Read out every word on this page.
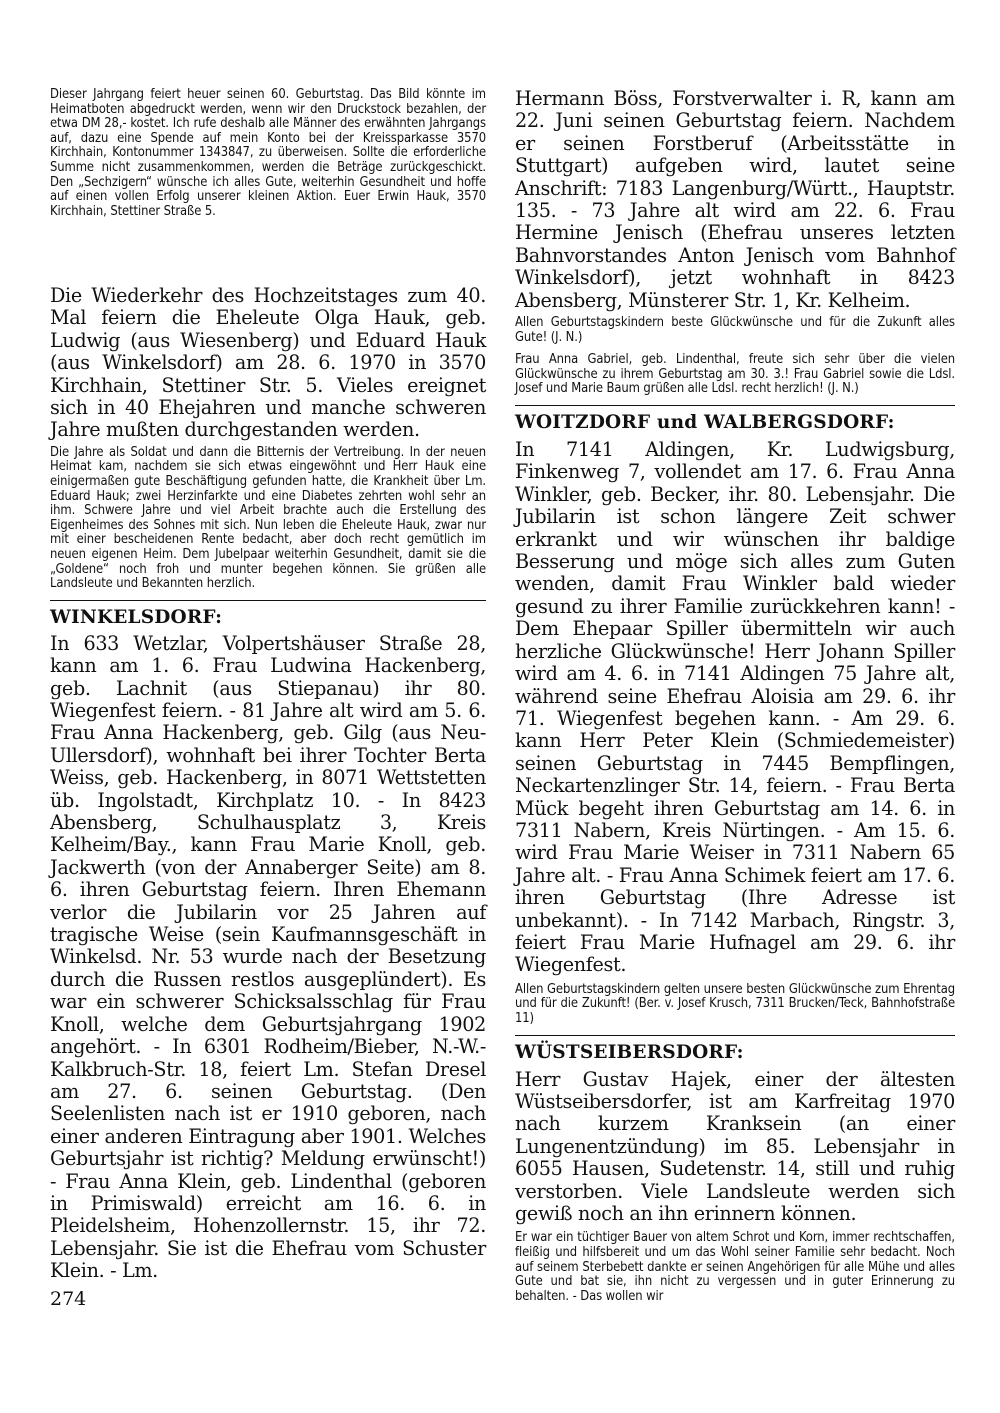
Dieser Jahrgang feiert heuer seinen 60. Geburtstag. Das Bild könnte im Heimatboten abgedruckt werden, wenn wir den Druckstock bezahlen, der etwa DM 28,- kostet. Ich rufe deshalb alle Männer des erwähnten Jahrgangs auf, dazu eine Spende auf mein Konto bei der Kreissparkasse 3570 Kirchhain, Kontonummer 1343847, zu überweisen. Sollte die erforderliche Summe nicht zusammenkommen, werden die Beträge zurückgeschickt. Den „Sechzigern“ wünsche ich alles Gute, weiterhin Gesundheit und hoffe auf einen vollen Erfolg unserer kleinen Aktion. Euer Erwin Hauk, 3570 Kirchhain, Stettiner Straße 5.

Die Wiederkehr des Hochzeitstages zum 40. Mal feiern die Eheleute Olga Hauk, geb. Ludwig (aus Wiesenberg) und Eduard Hauk (aus Winkelsdorf) am 28. 6. 1970 in 3570 Kirchhain, Stettiner Str. 5. Vieles ereignet sich in 40 Ehejahren und manche schweren Jahre mußten durchgestanden werden.

Die Jahre als Soldat und dann die Bitternis der Vertreibung. In der neuen Heimat kam, nachdem sie sich etwas eingewöhnt und Herr Hauk eine einigermaßen gute Beschäftigung gefunden hatte, die Krankheit über Lm. Eduard Hauk; zwei Herzinfarkte und eine Diabetes zehrten wohl sehr an ihm. Schwere Jahre und viel Arbeit brachte auch die Erstellung des Eigenheimes des Sohnes mit sich. Nun leben die Eheleute Hauk, zwar nur mit einer bescheidenen Rente bedacht, aber doch recht gemütlich im neuen eigenen Heim. Dem Jubelpaar weiterhin Gesundheit, damit sie die „Goldene“ noch froh und munter begehen können. Sie grüßen alle Landsleute und Bekannten herzlich.

WINKELSDORF:

In 633 Wetzlar, Volpertshäuser Straße 28, kann am 1. 6. Frau Ludwina Hackenberg, geb. Lachnit (aus Stiepanau) ihr 80. Wiegenfest feiern. - 81 Jahre alt wird am 5. 6. Frau Anna Hackenberg, geb. Gilg (aus Neu-Ullersdorf), wohnhaft bei ihrer Tochter Berta Weiss, geb. Hackenberg, in 8071 Wettstetten üb. Ingolstadt, Kirchplatz 10. - In 8423 Abensberg, Schulhausplatz 3, Kreis Kelheim/Bay., kann Frau Marie Knoll, geb. Jackwerth (von der Annaberger Seite) am 8. 6. ihren Geburtstag feiern. Ihren Ehemann verlor die Jubilarin vor 25 Jahren auf tragische Weise (sein Kaufmannsgeschäft in Winkelsd. Nr. 53 wurde nach der Besetzung durch die Russen restlos ausgeplündert). Es war ein schwerer Schicksalsschlag für Frau Knoll, welche dem Geburtsjahrgang 1902 angehört. - In 6301 Rodheim/Bieber, N.-W.-Kalkbruch-Str. 18, feiert Lm. Stefan Dresel am 27. 6. seinen Geburtstag. (Den Seelenlisten nach ist er 1910 geboren, nach einer anderen Eintragung aber 1901. Welches Geburtsjahr ist richtig? Meldung erwünscht!) - Frau Anna Klein, geb. Lindenthal (geboren in Primiswald) erreicht am 16. 6. in Pleidelsheim, Hohenzollernstr. 15, ihr 72. Lebensjahr. Sie ist die Ehefrau vom Schuster Klein. - Lm.

Hermann Böss, Forstverwalter i. R, kann am 22. Juni seinen Geburtstag feiern. Nachdem er seinen Forstberuf (Arbeitsstätte in Stuttgart) aufgeben wird, lautet seine Anschrift: 7183 Langenburg/Württ., Hauptstr. 135. - 73 Jahre alt wird am 22. 6. Frau Hermine Jenisch (Ehefrau unseres letzten Bahnvorstandes Anton Jenisch vom Bahnhof Winkelsdorf), jetzt wohnhaft in 8423 Abensberg, Münsterer Str. 1, Kr. Kelheim.

Allen Geburtstagskindern beste Glückwünsche und für die Zukunft alles Gute! (J. N.)

Frau Anna Gabriel, geb. Lindenthal, freute sich sehr über die vielen Glückwünsche zu ihrem Geburtstag am 30. 3.! Frau Gabriel sowie die Ldsl. Josef und Marie Baum grüßen alle Ldsl. recht herzlich! (J. N.)

WOITZDORF und WALBERGSDORF:

In 7141 Aldingen, Kr. Ludwigsburg, Finkenweg 7, vollendet am 17. 6. Frau Anna Winkler, geb. Becker, ihr. 80. Lebensjahr. Die Jubilarin ist schon längere Zeit schwer erkrankt und wir wünschen ihr baldige Besserung und möge sich alles zum Guten wenden, damit Frau Winkler bald wieder gesund zu ihrer Familie zurückkehren kann! - Dem Ehepaar Spiller übermitteln wir auch herzliche Glückwünsche! Herr Johann Spiller wird am 4. 6. in 7141 Aldingen 75 Jahre alt, während seine Ehefrau Aloisia am 29. 6. ihr 71. Wiegenfest begehen kann. - Am 29. 6. kann Herr Peter Klein (Schmiedemeister) seinen Geburtstag in 7445 Bempflingen, Neckartenzlinger Str. 14, feiern. - Frau Berta Mück begeht ihren Geburtstag am 14. 6. in 7311 Nabern, Kreis Nürtingen. - Am 15. 6. wird Frau Marie Weiser in 7311 Nabern 65 Jahre alt. - Frau Anna Schimek feiert am 17. 6. ihren Geburtstag (Ihre Adresse ist unbekannt). - In 7142 Marbach, Ringstr. 3, feiert Frau Marie Hufnagel am 29. 6. ihr Wiegenfest.

Allen Geburtstagskindern gelten unsere besten Glückwünsche zum Ehrentag und für die Zukunft! (Ber. v. Josef Krusch, 7311 Brucken/Teck, Bahnhofstraße 11)

WÜSTSEIBERSDORF:

Herr Gustav Hajek, einer der ältesten Wüstseibersdorfer, ist am Karfreitag 1970 nach kurzem Kranksein (an einer Lungenentzündung) im 85. Lebensjahr in 6055 Hausen, Sudetenstr. 14, still und ruhig verstorben. Viele Landsleute werden sich gewiß noch an ihn erinnern können.

Er war ein tüchtiger Bauer von altem Schrot und Korn, immer rechtschaffen, fleißig und hilfsbereit und um das Wohl seiner Familie sehr bedacht. Noch auf seinem Sterbebett dankte er seinen Angehörigen für alle Mühe und alles Gute und bat sie, ihn nicht zu vergessen und in guter Erinnerung zu behalten. - Das wollen wir

274
